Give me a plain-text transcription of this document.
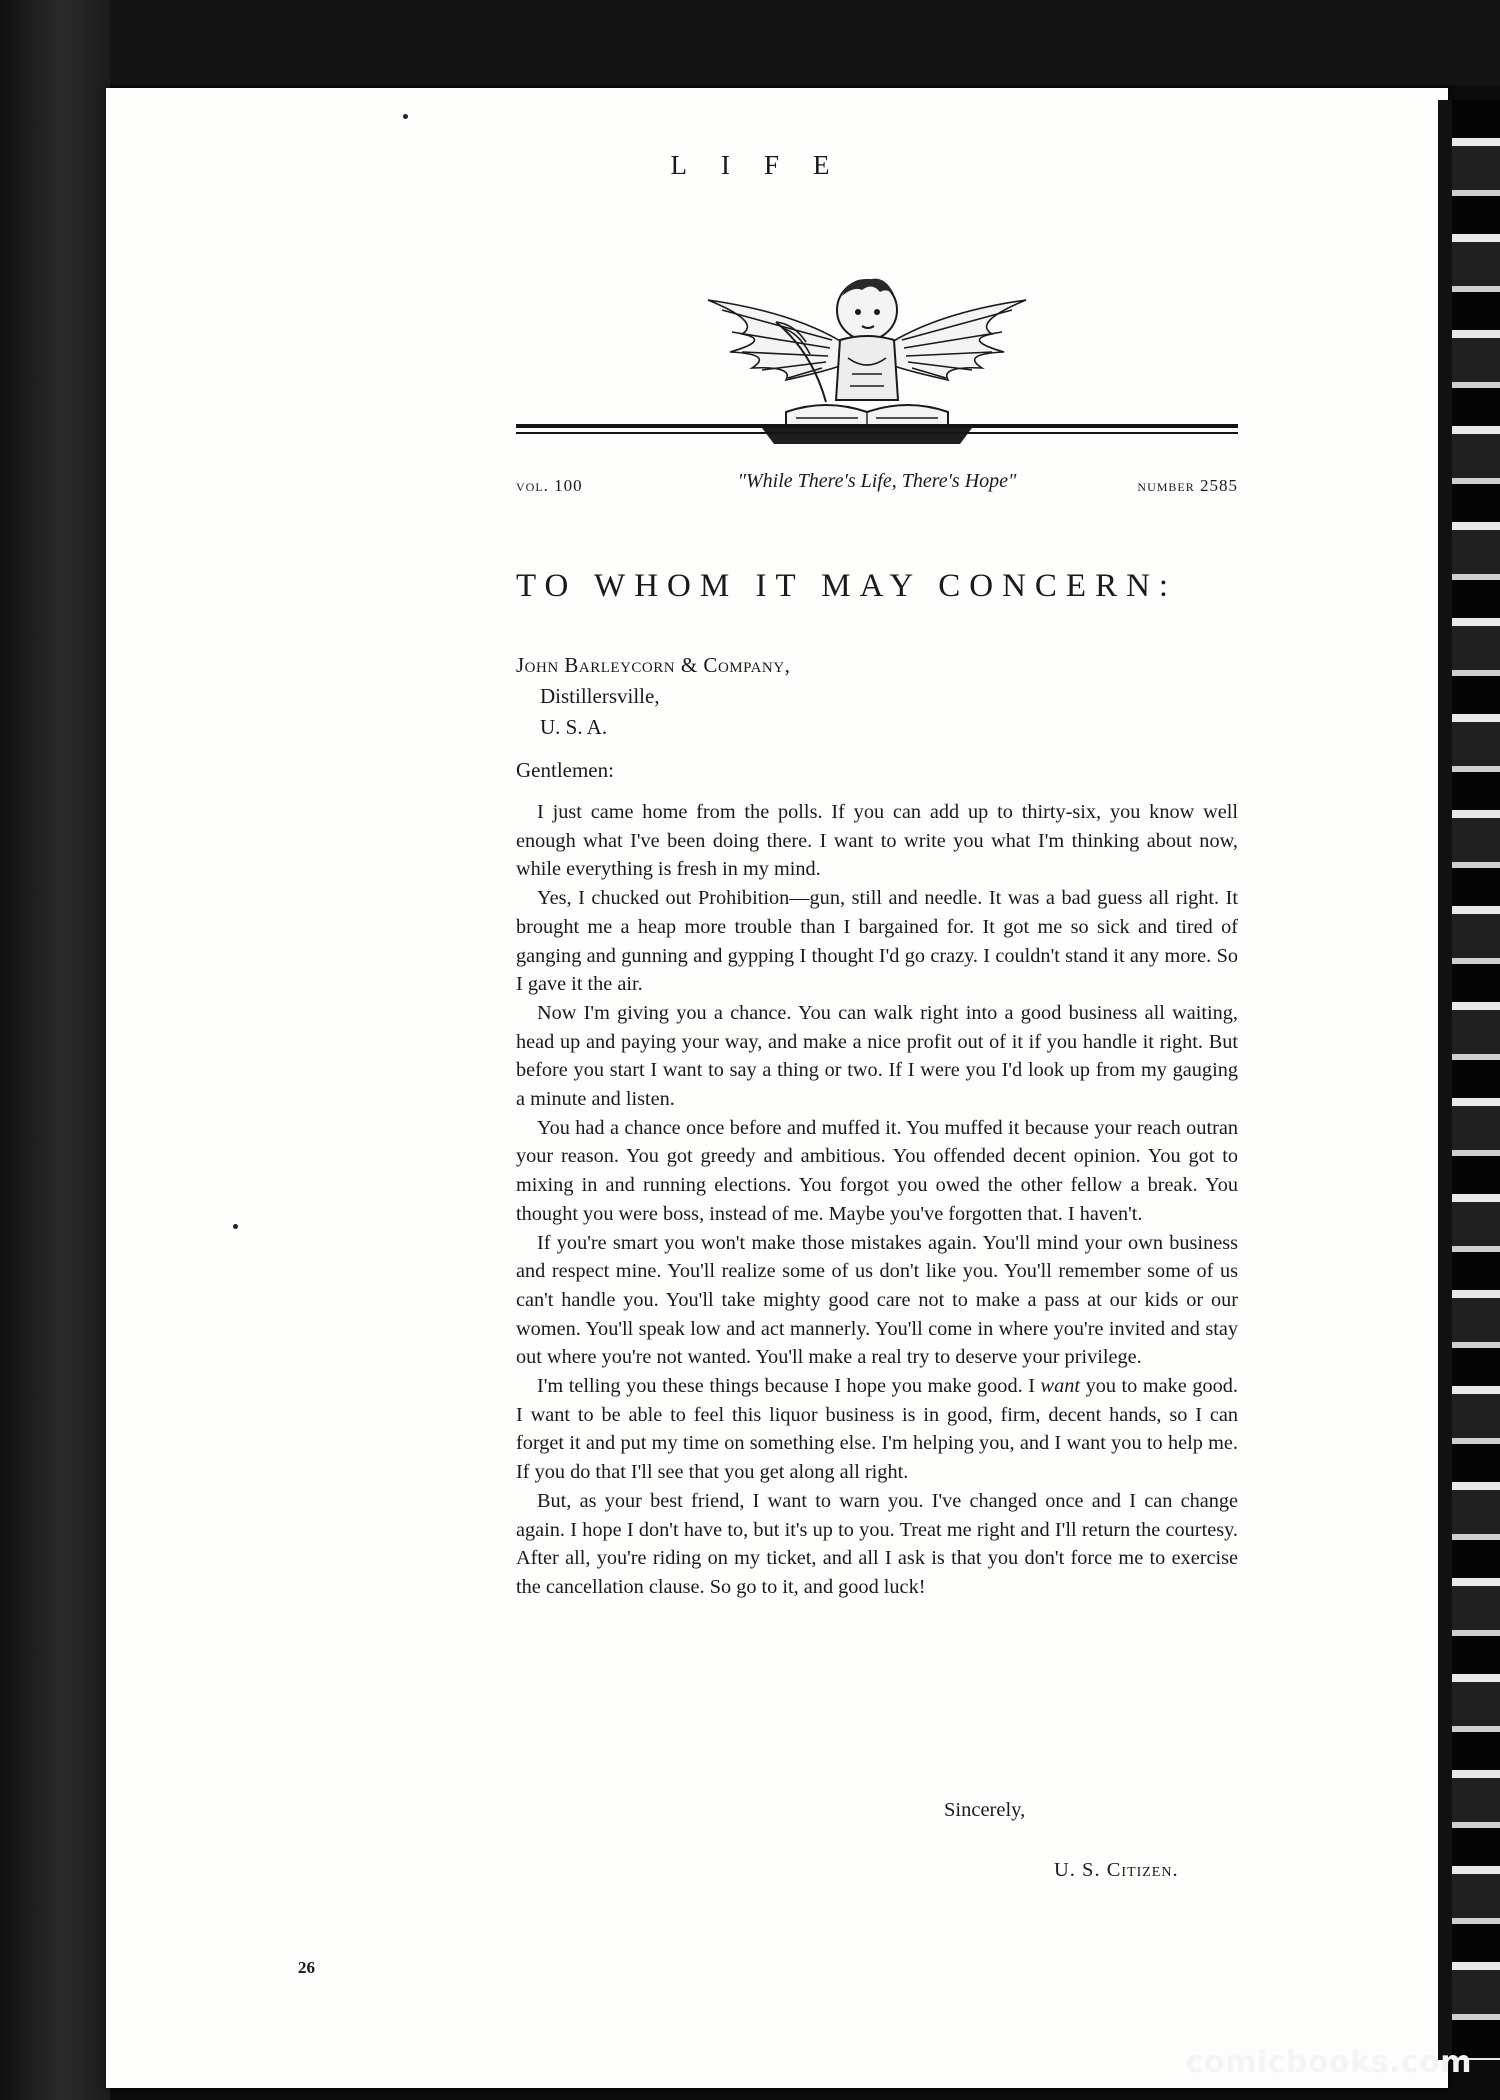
LIFE
vol. 100	"While There's Life, There's Hope"	number 2585
TO WHOM IT MAY CONCERN:
John Barleycorn & Company,
Distillersville,
U. S. A.
Gentlemen:

I just came home from the polls. If you can add up to thirty-six, you know well enough what I've been doing there. I want to write you what I'm thinking about now, while everything is fresh in my mind.

Yes, I chucked out Prohibition—gun, still and needle. It was a bad guess all right. It brought me a heap more trouble than I bargained for. It got me so sick and tired of ganging and gunning and gypping I thought I'd go crazy. I couldn't stand it any more. So I gave it the air.

Now I'm giving you a chance. You can walk right into a good business all waiting, head up and paying your way, and make a nice profit out of it if you handle it right. But before you start I want to say a thing or two. If I were you I'd look up from my gauging a minute and listen.

You had a chance once before and muffed it. You muffed it because your reach outran your reason. You got greedy and ambitious. You offended decent opinion. You got to mixing in and running elections. You forgot you owed the other fellow a break. You thought you were boss, instead of me. Maybe you've forgotten that. I haven't.

If you're smart you won't make those mistakes again. You'll mind your own business and respect mine. You'll realize some of us don't like you. You'll remember some of us can't handle you. You'll take mighty good care not to make a pass at our kids or our women. You'll speak low and act mannerly. You'll come in where you're invited and stay out where you're not wanted. You'll make a real try to deserve your privilege.

I'm telling you these things because I hope you make good. I want you to make good. I want to be able to feel this liquor business is in good, firm, decent hands, so I can forget it and put my time on something else. I'm helping you, and I want you to help me. If you do that I'll see that you get along all right.

But, as your best friend, I want to warn you. I've changed once and I can change again. I hope I don't have to, but it's up to you. Treat me right and I'll return the courtesy. After all, you're riding on my ticket, and all I ask is that you don't force me to exercise the cancellation clause. So go to it, and good luck!

Sincerely,
U. S. Citizen.
26
comicbooks.com
